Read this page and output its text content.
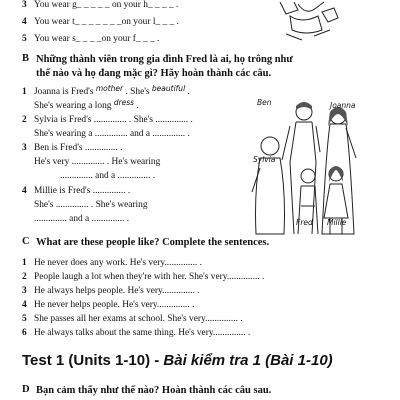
3 You wear g_ _ _ _ _ on your h_ _ _ _ .
4 You wear t_ _ _ _ _ _ _on your l_ _ _ .
5 You wear s_ _ _ _on your f_ _ _ .
B Những thành viên trong gia đình Fred là ai, họ trông như
thế nào và họ đang mặc gì? Hãy hoàn thành các câu.
1 Joanna is Fred's $^{mother}$ . She's $^{beautiful}$ .
She's wearing a long $^{dress}$ .
2 Sylvia is Fred's .............. . She's .............. .
She's wearing a .............. and a .............. .
3 Ben is Fred's .............. .
He's very .............. . He's wearing
.............. and a .............. .
4 Millie is Fred's .............. .
She's .............. . She's wearing
.............. and a .............. .
Ben	Joanna
Sylvia
Fred Millie
C What are these people like? Complete the sentences.
1 He never does any work. He's very.............. .
2 People laugh a lot when they're with her. She's very.............. .
3 He always helps people. He's very.............. .
4 He never helps people. He's very.............. .
5 She passes all her exams at school. She's very.............. .
6 He always talks about the same thing. He's very.............. .
Test 1 (Units 1-10) - Bài kiểm tra 1 (Bài 1-10)
D Bạn cảm thấy như thế nào? Hoàn thành các câu sau.
